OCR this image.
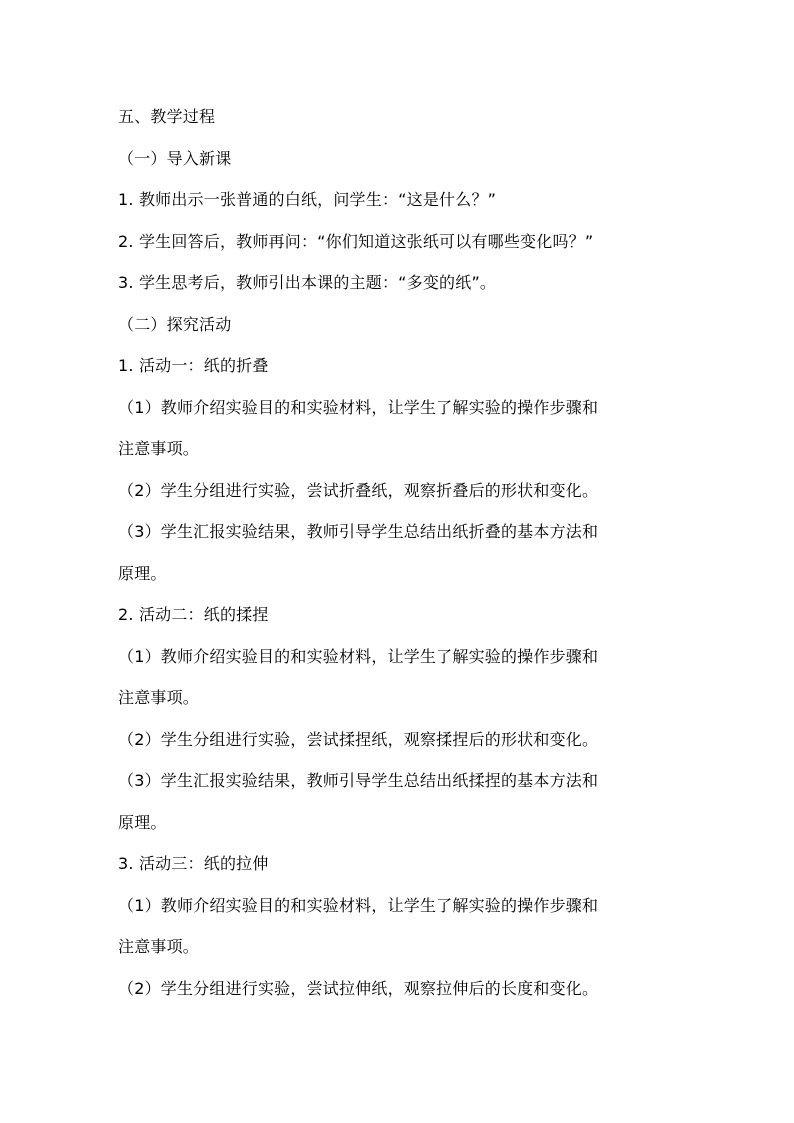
五、教学过程
（一）导入新课
1. 教师出示一张普通的白纸，问学生：“这是什么？”
2. 学生回答后，教师再问：“你们知道这张纸可以有哪些变化吗？”
3. 学生思考后，教师引出本课的主题：“多变的纸”。
（二）探究活动
1. 活动一：纸的折叠
（1）教师介绍实验目的和实验材料，让学生了解实验的操作步骤和
注意事项。
（2）学生分组进行实验，尝试折叠纸，观察折叠后的形状和变化。
（3）学生汇报实验结果，教师引导学生总结出纸折叠的基本方法和
原理。
2. 活动二：纸的揉捏
（1）教师介绍实验目的和实验材料，让学生了解实验的操作步骤和
注意事项。
（2）学生分组进行实验，尝试揉捏纸，观察揉捏后的形状和变化。
（3）学生汇报实验结果，教师引导学生总结出纸揉捏的基本方法和
原理。
3. 活动三：纸的拉伸
（1）教师介绍实验目的和实验材料，让学生了解实验的操作步骤和
注意事项。
（2）学生分组进行实验，尝试拉伸纸，观察拉伸后的长度和变化。
